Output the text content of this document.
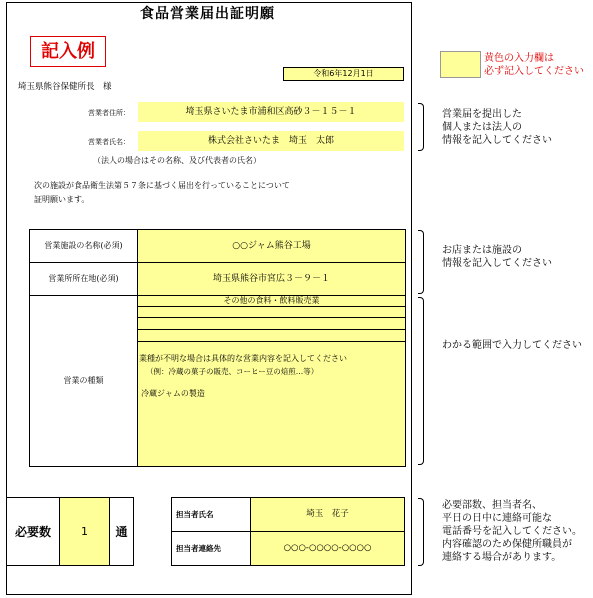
食品営業届出証明願
記入例
令和6年12月1日
埼玉県熊谷保健所長　様
営業者住所：	埼玉県さいたま市浦和区高砂３－１５－１
営業者氏名：	株式会社さいたま　埼玉　太郎
（法人の場合はその名称、及び代表者の氏名）
次の施設が食品衛生法第５７条に基づく届出を行っていることについて
証明願います。
営業施設の名称(必須)	○○ジャム熊谷工場
営業所所在地(必須)	埼玉県熊谷市宮広３－９－１
営業の種類
その他の食料・飲料販売業
業種が不明な場合は具体的な営業内容を記入してください
（例：冷蔵の菓子の販売、コーヒー豆の焙煎…等）
冷蔵ジャムの製造
必要数	1 通
担当者氏名	埼玉　花子
担当者連絡先	○○○-○○○○-○○○○
黄色の入力欄は
必ず記入してください
営業届を提出した
個人または法人の
情報を記入してください
お店または施設の
情報を記入してください
わかる範囲で入力してください
必要部数、担当者名、
平日の日中に連絡可能な
電話番号を記入してください。
内容確認のため保健所職員が
連絡する場合があります。
